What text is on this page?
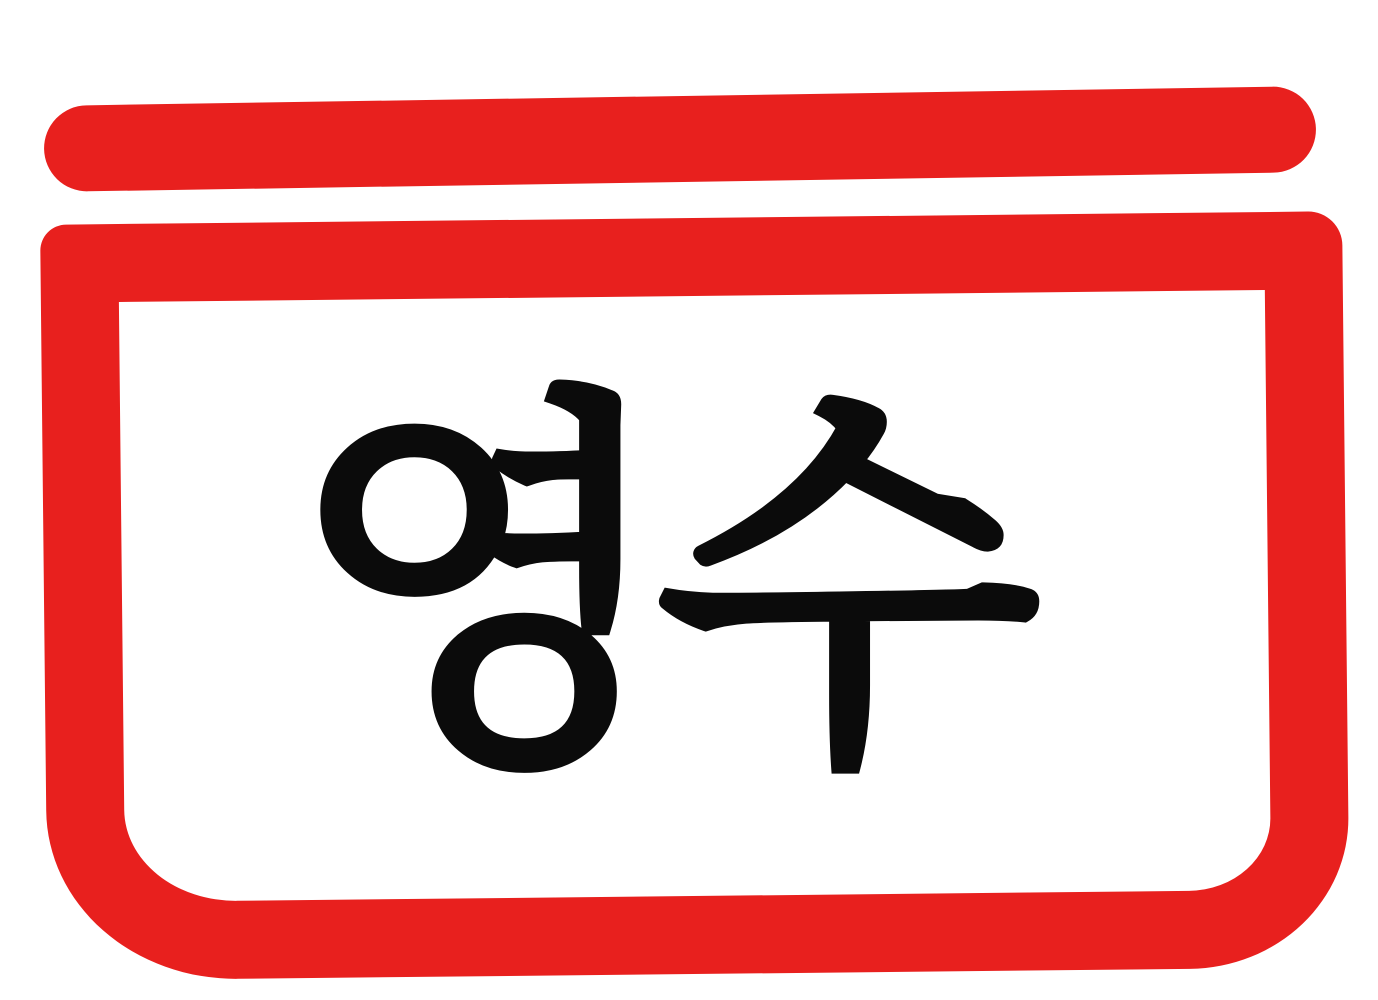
영수
